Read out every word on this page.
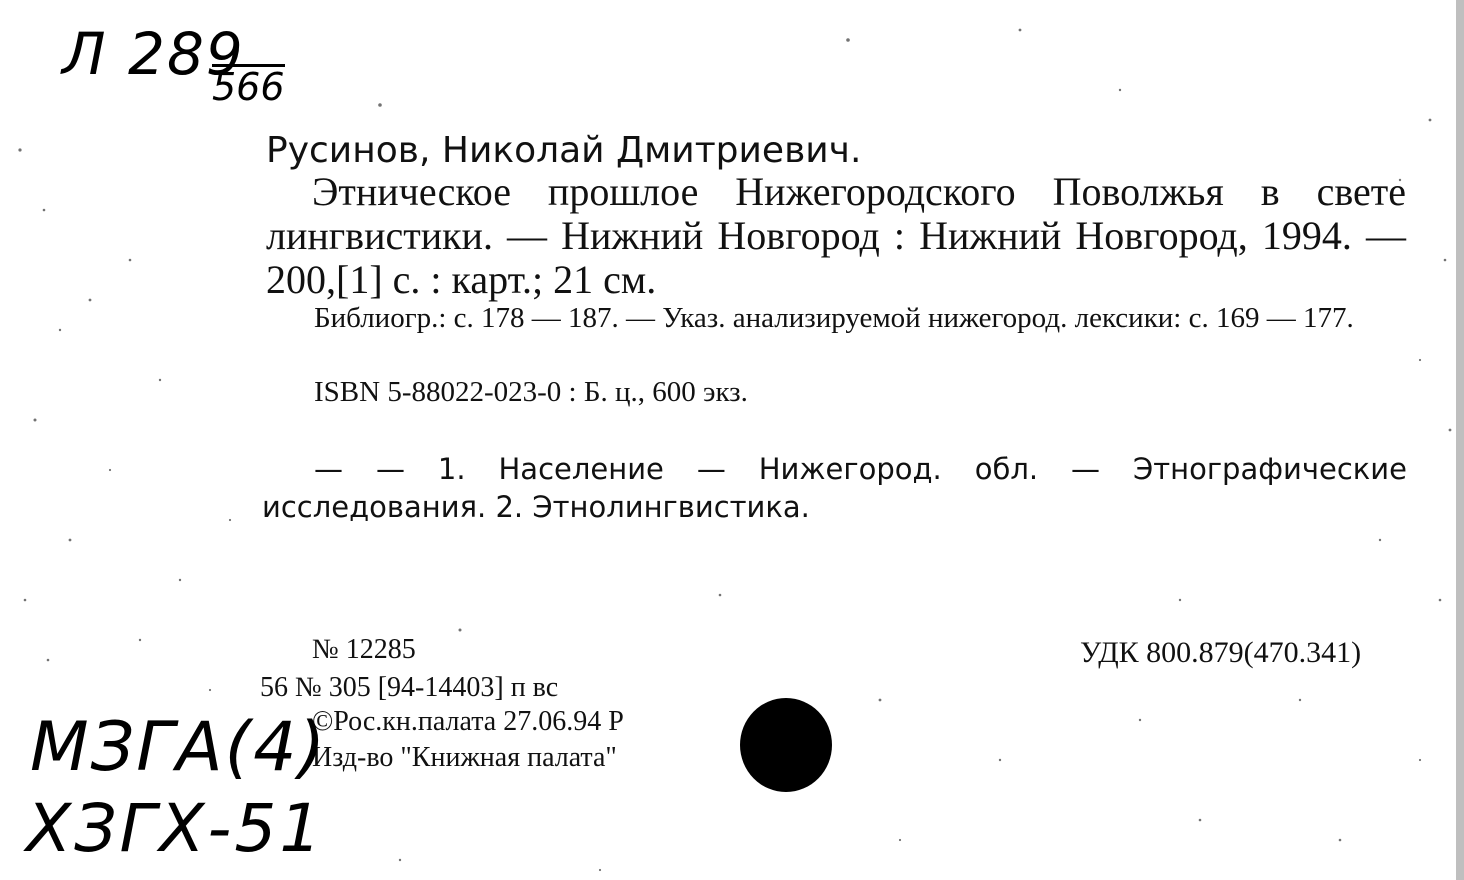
Л 289
566
Русинов, Николай Дмитриевич.

Этническое прошлое Нижегородского Поволжья в свете лингвистики. — Нижний Новгород : Нижний Новгород, 1994. — 200,[1] с. : карт.; 21 см.

Библиогр.: с. 178 — 187. — Указ. анализируемой нижегород. лексики: с. 169 — 177.

ISBN 5-88022-023-0 : Б. ц., 600 экз.

— — 1. Население — Нижегород. обл. — Этнографические исследования. 2. Этнолингвистика.

№ 12285
56 № 305 [94-14403] п вс
©Рос.кн.палата 27.06.94 Р
Изд-во "Книжная палата"
УДК 800.879(470.341)
МЗГА(4)
ХЗГХ-51
